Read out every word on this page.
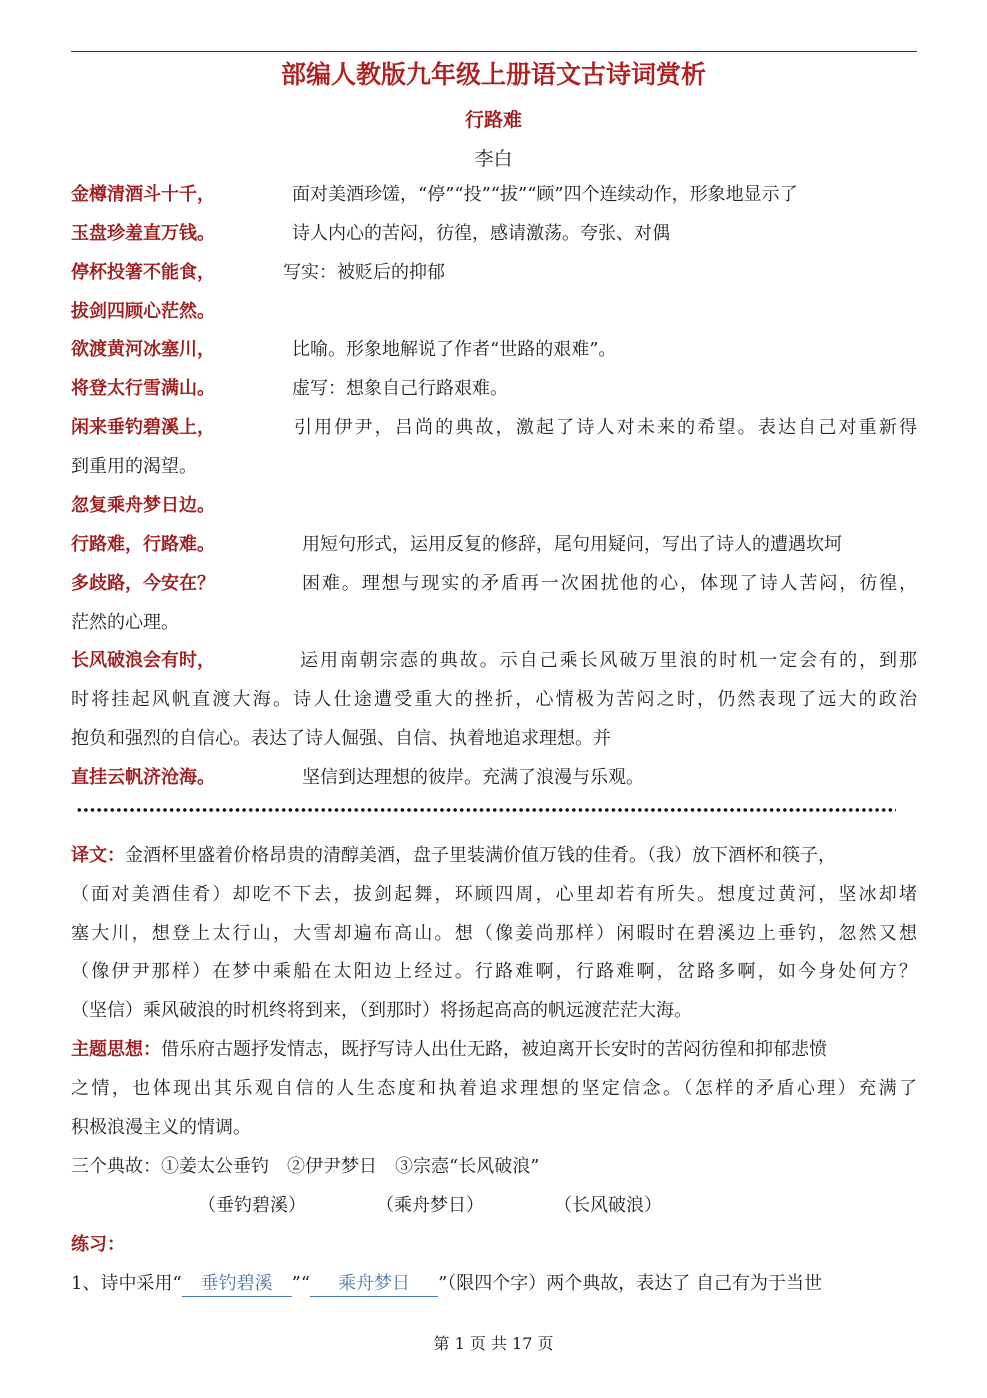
部编人教版九年级上册语文古诗词赏析
行路难
李白
金樽清酒斗十千，	面对美酒珍馐，“停”“投”“拔”“顾”四个连续动作，形象地显示了
玉盘珍羞直万钱。	诗人内心的苦闷，彷徨，感请激荡。夸张、对偶
停杯投箸不能食，	写实：被贬后的抑郁
拔剑四顾心茫然。
欲渡黄河冰塞川，	比喻。形象地解说了作者“世路的艰难”。
将登太行雪满山。	虚写：想象自己行路艰难。
闲来垂钓碧溪上，	引用伊尹，吕尚的典故，激起了诗人对未来的希望。表达自己对重新得
到重用的渴望。
忽复乘舟梦日边。
行路难，行路难。	用短句形式，运用反复的修辞，尾句用疑问，写出了诗人的遭遇坎坷
多歧路，今安在？	困难。理想与现实的矛盾再一次困扰他的心，体现了诗人苦闷，彷徨，
茫然的心理。
长风破浪会有时，	运用南朝宗悫的典故。示自己乘长风破万里浪的时机一定会有的，到那
时将挂起风帆直渡大海。诗人仕途遭受重大的挫折，心情极为苦闷之时，仍然表现了远大的政治
抱负和强烈的自信心。表达了诗人倔强、自信、执着地追求理想。并
直挂云帆济沧海。	坚信到达理想的彼岸。充满了浪漫与乐观。
译文：金酒杯里盛着价格昂贵的清醇美酒，盘子里装满价值万钱的佳肴。（我）放下酒杯和筷子，
（面对美酒佳肴）却吃不下去，拔剑起舞，环顾四周，心里却若有所失。想度过黄河，坚冰却堵
塞大川，想登上太行山，大雪却遍布高山。想（像姜尚那样）闲暇时在碧溪边上垂钓，忽然又想
（像伊尹那样）在梦中乘船在太阳边上经过。行路难啊，行路难啊，岔路多啊，如今身处何方？
（坚信）乘风破浪的时机终将到来，（到那时）将扬起高高的帆远渡茫茫大海。
主题思想：借乐府古题抒发情志，既抒写诗人出仕无路，被迫离开长安时的苦闷彷徨和抑郁悲愤
之情，也体现出其乐观自信的人生态度和执着追求理想的坚定信念。（怎样的矛盾心理）充满了
积极浪漫主义的情调。
三个典故：①姜太公垂钓　②伊尹梦日　③宗悫“长风破浪”
（垂钓碧溪）	（乘舟梦日）	（长风破浪）
练习：
1、诗中采用“ 垂钓碧溪 ”“ 乘舟梦日 ”（限四个字）两个典故，表达了 自己有为于当世
第 1 页 共 17 页
